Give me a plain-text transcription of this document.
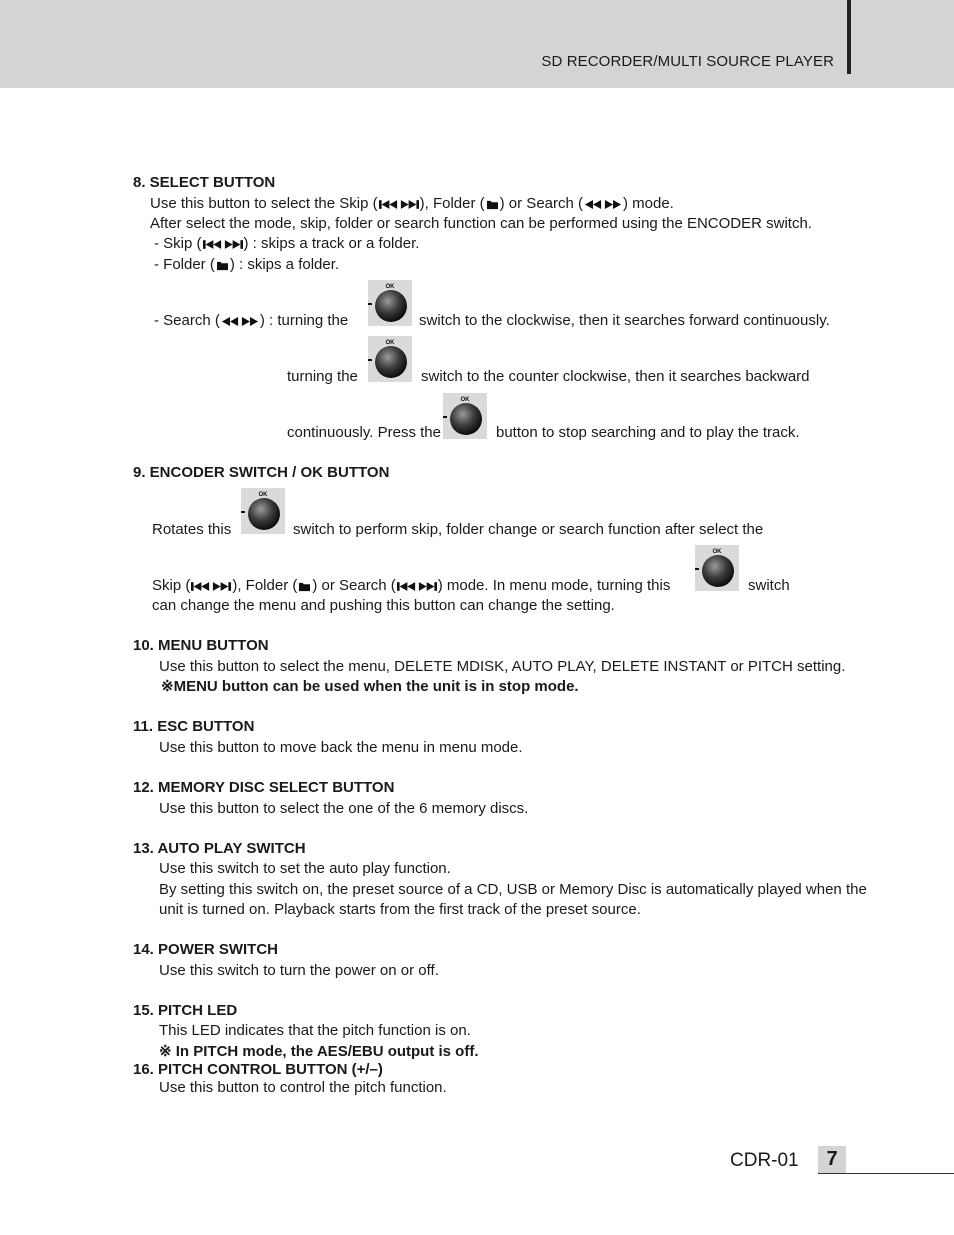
SD RECORDER/MULTI SOURCE PLAYER
8. SELECT BUTTON
Use this button to select the Skip (	), Folder ( ) or Search (	) mode.
After select the mode, skip, folder or search function can be performed using the ENCODER switch.
- Skip (	) : skips a track or a folder.
- Folder ( ) : skips a folder.
- Search (	) : turning the
OK
switch to the clockwise, then it searches forward continuously.
turning the
OK
switch to the counter clockwise, then it searches backward
continuously. Press the
OK
button to stop searching and to play the track.
9. ENCODER SWITCH / OK BUTTON
Rotates this
OK
switch to perform skip, folder change or search function after select the
Skip (	), Folder ( ) or Search (	) mode. In menu mode, turning this
OK
switch
can change the menu and pushing this button can change the setting.
10. MENU BUTTON
Use this button to select the menu, DELETE MDISK, AUTO PLAY, DELETE INSTANT or PITCH setting.
※MENU button can be used when the unit is in stop mode.
11. ESC BUTTON
Use this button to move back the menu in menu mode.
12. MEMORY DISC SELECT BUTTON
Use this button to select the one of the 6 memory discs.
13. AUTO PLAY SWITCH
Use this switch to set the auto play function.
By setting this switch on, the preset source of a CD, USB or Memory Disc is automatically played when the
unit is turned on. Playback starts from the first track of the preset source.
14. POWER SWITCH
Use this switch to turn the power on or off.
15. PITCH LED
This LED indicates that the pitch function is on.
※ In PITCH mode, the AES/EBU output is off.
16. PITCH CONTROL BUTTON (+/–)
Use this button to control the pitch function.
CDR-01	7
